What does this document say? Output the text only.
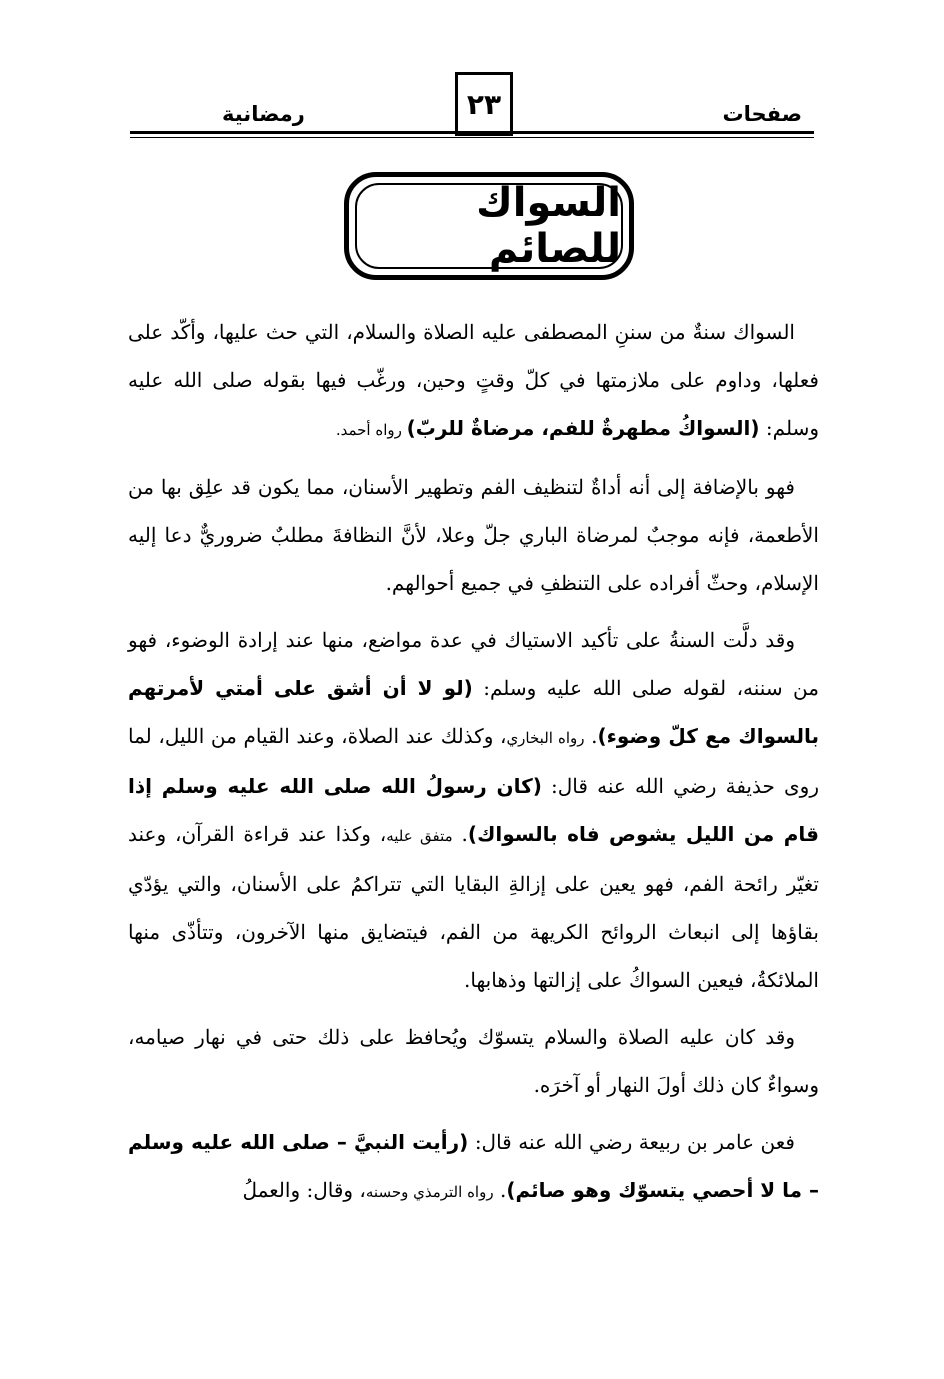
صفحات
٢٣
رمضانية
السواك للصائم

السواك سنةٌ من سننِ المصطفى عليه الصلاة والسلام، التي حث عليها، وأكّد على فعلها، وداوم على ملازمتها في كلّ وقتٍ وحين، ورغّب فيها بقوله صلى الله عليه وسلم: (السواكُ مطهرةٌ للفم، مرضاةٌ للربّ) رواه أحمد.

فهو بالإضافة إلى أنه أداةٌ لتنظيف الفم وتطهير الأسنان، مما يكون قد علِق بها من الأطعمة، فإنه موجبٌ لمرضاة الباري جلّ وعلا، لأنَّ النظافةَ مطلبٌ ضروريٌّ دعا إليه الإسلام، وحثّ أفراده على التنظفِ في جميع أحوالهم.

وقد دلَّت السنةُ على تأكيد الاستياك في عدة مواضع، منها عند إرادة الوضوء، فهو من سننه، لقوله صلى الله عليه وسلم: (لو لا أن أشق على أمتي لأمرتهم بالسواك مع كلّ وضوء). رواه البخاري، وكذلك عند الصلاة، وعند القيام من الليل، لما روى حذيفة رضي الله عنه قال: (كان رسولُ الله صلى الله عليه وسلم إذا قام من الليل يشوص فاه بالسواك). متفق عليه، وكذا عند قراءة القرآن، وعند تغيّر رائحة الفم، فهو يعين على إزالةِ البقايا التي تتراكمُ على الأسنان، والتي يؤدّي بقاؤها إلى انبعاث الروائح الكريهة من الفم، فيتضايق منها الآخرون، وتتأذّى منها الملائكةُ، فيعين السواكُ على إزالتها وذهابها.

وقد كان عليه الصلاة والسلام يتسوّك ويُحافظ على ذلك حتى في نهار صيامه، وسواءٌ كان ذلك أولَ النهار أو آخرَه.

فعن عامر بن ربيعة رضي الله عنه قال: (رأيت النبيَّ – صلى الله عليه وسلم – ما لا أحصي يتسوّك وهو صائم). رواه الترمذي وحسنه، وقال: والعملُ
